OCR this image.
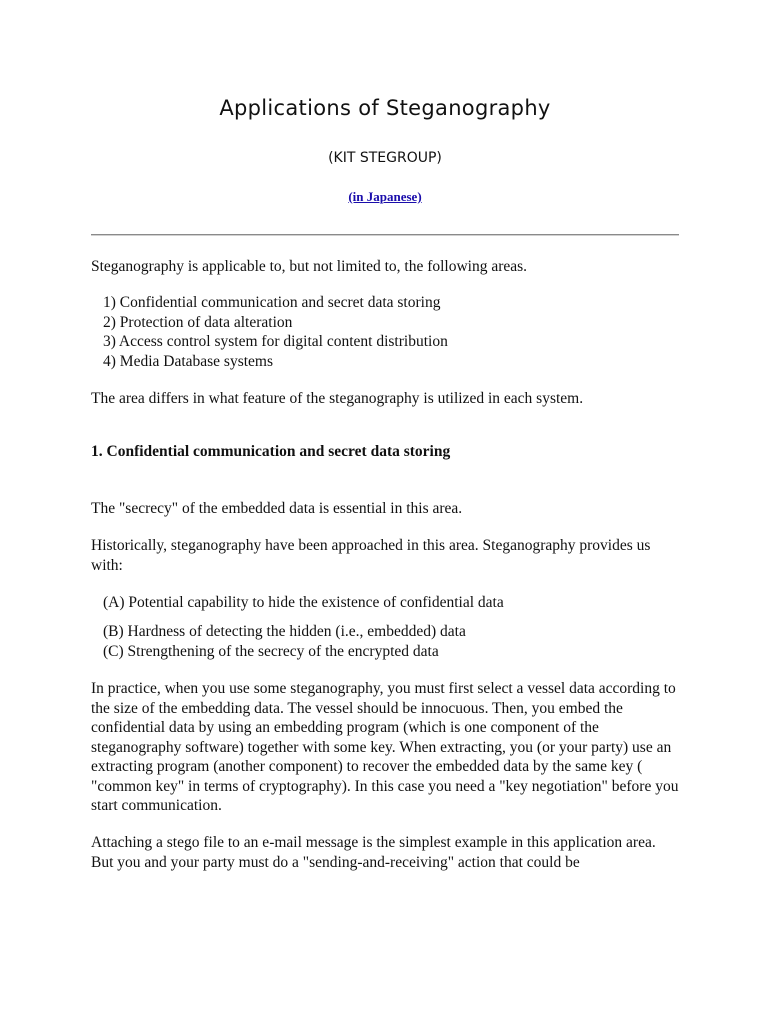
Applications of Steganography

(KIT STEGROUP)

(in Japanese)

Steganography is applicable to, but not limited to, the following areas.

1) Confidential communication and secret data storing
2) Protection of data alteration
3) Access control system for digital content distribution
4) Media Database systems

The area differs in what feature of the steganography is utilized in each system.

1. Confidential communication and secret data storing

The "secrecy" of the embedded data is essential in this area.

Historically, steganography have been approached in this area. Steganography provides us with:

(A) Potential capability to hide the existence of confidential data
(B) Hardness of detecting the hidden (i.e., embedded) data
(C) Strengthening of the secrecy of the encrypted data

In practice, when you use some steganography, you must first select a vessel data according to the size of the embedding data. The vessel should be innocuous. Then, you embed the confidential data by using an embedding program (which is one component of the steganography software) together with some key. When extracting, you (or your party) use an extracting program (another component) to recover the embedded data by the same key ( "common key" in terms of cryptography). In this case you need a "key negotiation" before you start communication.

Attaching a stego file to an e-mail message is the simplest example in this application area. But you and your party must do a "sending-and-receiving" action that could be
